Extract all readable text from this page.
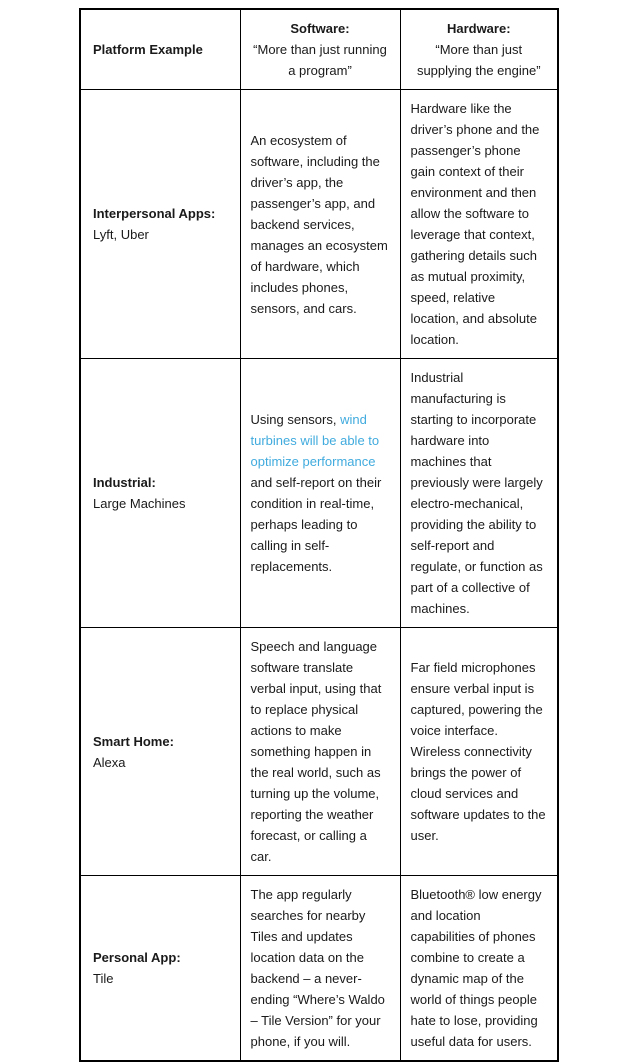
Platform Example	
Software:
“More than just running a program”

Hardware:
“More than just supplying the engine”

Interpersonal Apps:
Lyft, Uber	An ecosystem of software, including the driver’s app, the passenger’s app, and backend services, manages an ecosystem of hardware, which includes phones, sensors, and cars.	Hardware like the driver’s phone and the passenger’s phone gain context of their environment and then allow the software to leverage that context, gathering details such as mutual proximity, speed, relative location, and absolute location.

Industrial:
Large Machines	Using sensors, wind turbines will be able to optimize performance and self-report on their condition in real-time, perhaps leading to calling in self-replacements.	Industrial manufacturing is starting to incorporate hardware into machines that previously were largely electro-mechanical, providing the ability to self-report and regulate, or function as part of a collective of machines.

Smart Home:
Alexa	Speech and language software translate verbal input, using that to replace physical actions to make something happen in the real world, such as turning up the volume, reporting the weather forecast, or calling a car.	Far field microphones ensure verbal input is captured, powering the voice interface. Wireless connectivity brings the power of cloud services and software updates to the user.

Personal App:
Tile	The app regularly searches for nearby Tiles and updates location data on the backend – a never-ending “Where’s Waldo – Tile Version” for your phone, if you will.	Bluetooth® low energy and location capabilities of phones combine to create a dynamic map of the world of things people hate to lose, providing useful data for users.
